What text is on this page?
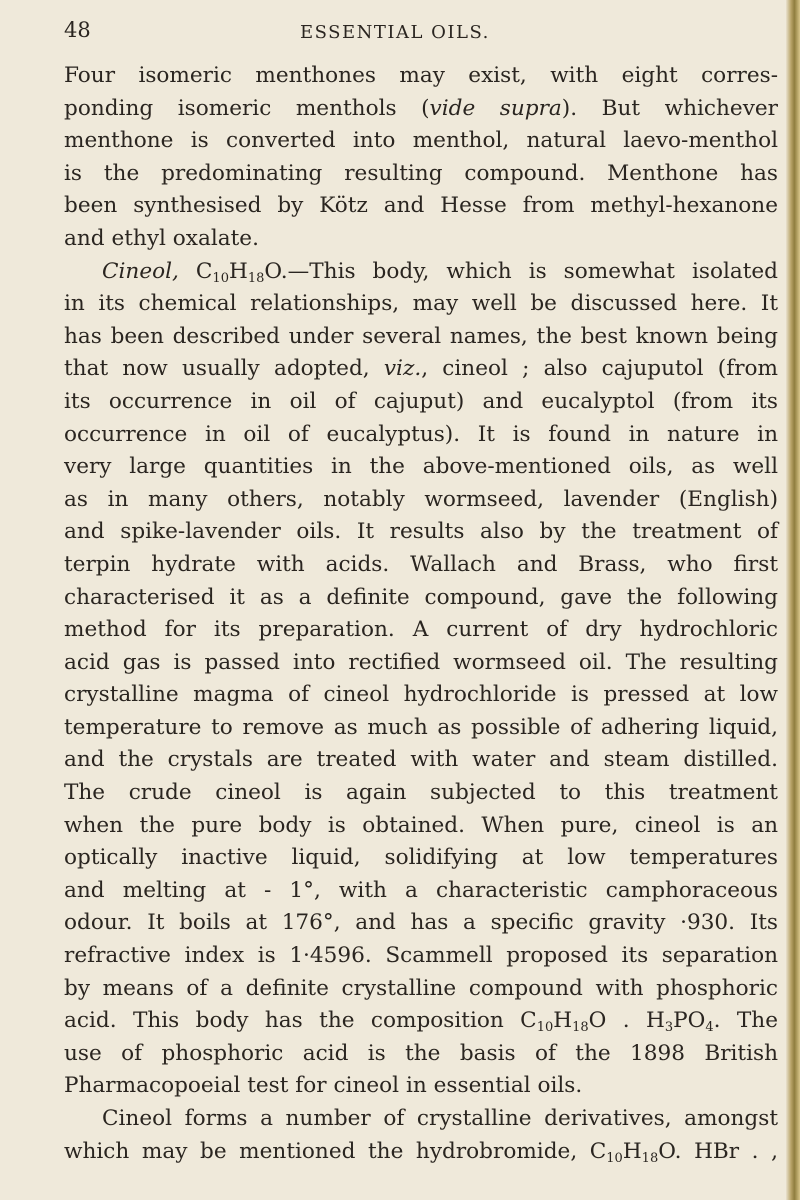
48	ESSENTIAL OILS.
Four isomeric menthones may exist, with eight corres-
ponding isomeric menthols (vide supra). But whichever
menthone is converted into menthol, natural laevo-menthol
is the predominating resulting compound. Menthone has
been synthesised by Kötz and Hesse from methyl-hexanone
and ethyl oxalate.
Cineol, $C_{10}H_{18}O.—This$ body, which is somewhat isolated
in its chemical relationships, may well be discussed here. It
has been described under several names, the best known being
that now usually adopted, viz., cineol ; also cajuputol (from
its occurrence in oil of cajuput) and eucalyptol (from its
occurrence in oil of eucalyptus). It is found in nature in
very large quantities in the above-mentioned oils, as well
as in many others, notably wormseed, lavender (English)
and spike-lavender oils. It results also by the treatment of
terpin hydrate with acids. Wallach and Brass, who first
characterised it as a definite compound, gave the following
method for its preparation. A current of dry hydrochloric
acid gas is passed into rectified wormseed oil. The resulting
crystalline magma of cineol hydrochloride is pressed at low
temperature to remove as much as possible of adhering liquid,
and the crystals are treated with water and steam distilled.
The crude cineol is again subjected to this treatment
when the pure body is obtained. When pure, cineol is an
optically inactive liquid, solidifying at low temperatures
and melting at - 1°, with a characteristic camphoraceous
odour. It boils at 176°, and has a specific gravity ·930. Its
refractive index is 1·4596. Scammell proposed its separation
by means of a definite crystalline compound with phosphoric
acid. This body has the composition $C_{10}H_{18}O$ . $H_3PO_4$. The
use of phosphoric acid is the basis of the 1898 British
Pharmacopoeial test for cineol in essential oils.
Cineol forms a number of crystalline derivatives, amongst
which may be mentioned the hydrobromide, $C_{10}H_{18}O$. HBr . ,
